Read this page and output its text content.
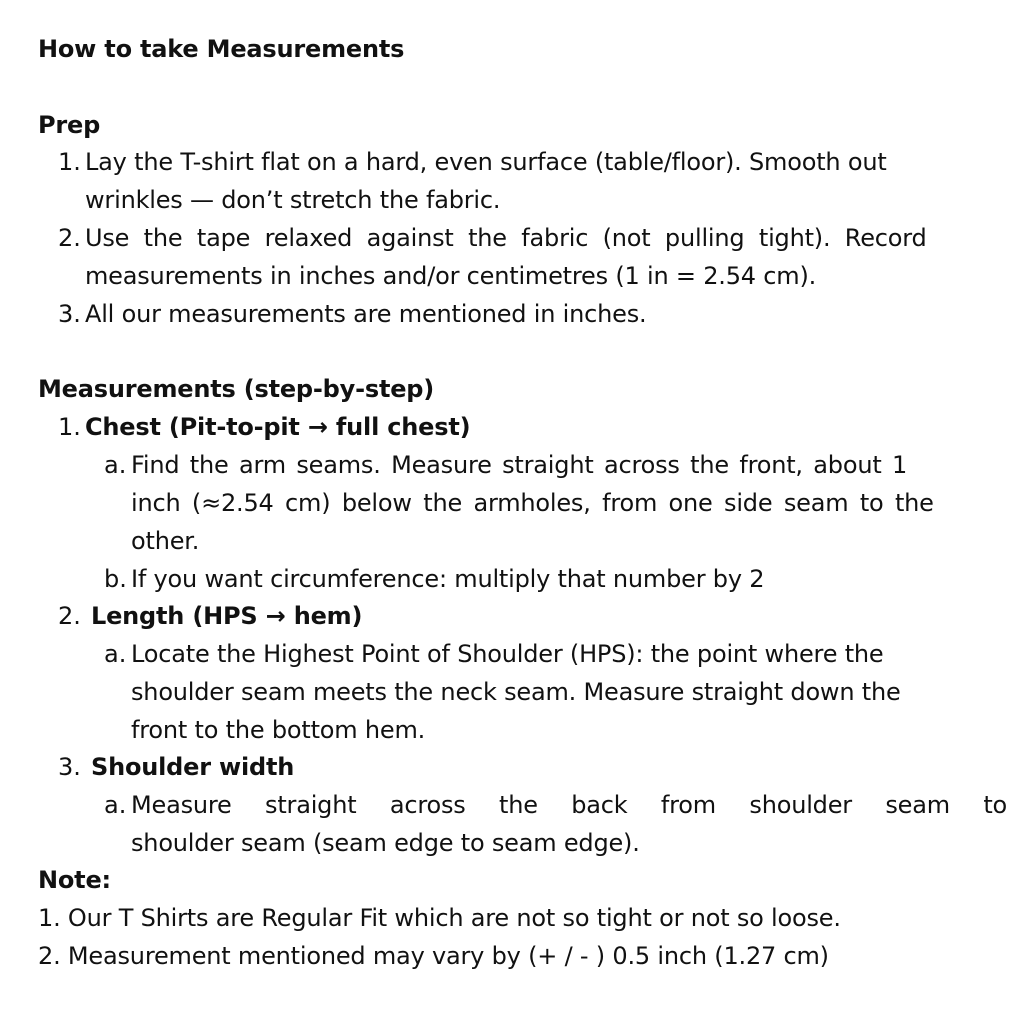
How to take Measurements
Prep
1. Lay the T-shirt flat on a hard, even surface (table/floor). Smooth out
wrinkles — don’t stretch the fabric.
2. Use the tape relaxed against the fabric (not pulling tight). Record
measurements in inches and/or centimetres (1 in = 2.54 cm).
3. All our measurements are mentioned in inches.
Measurements (step-by-step)
1. Chest (Pit-to-pit → full chest)
a. Find the arm seams. Measure straight across the front, about 1
inch (≈2.54 cm) below the armholes, from one side seam to the
other.
b. If you want circumference: multiply that number by 2
2. Length (HPS → hem)
a. Locate the Highest Point of Shoulder (HPS): the point where the
shoulder seam meets the neck seam. Measure straight down the
front to the bottom hem.
3. Shoulder width
a. Measure straight across the back from shoulder seam to
shoulder seam (seam edge to seam edge).
Note:
1. Our T Shirts are Regular Fit which are not so tight or not so loose.
2. Measurement mentioned may vary by (+ / - ) 0.5 inch (1.27 cm)
